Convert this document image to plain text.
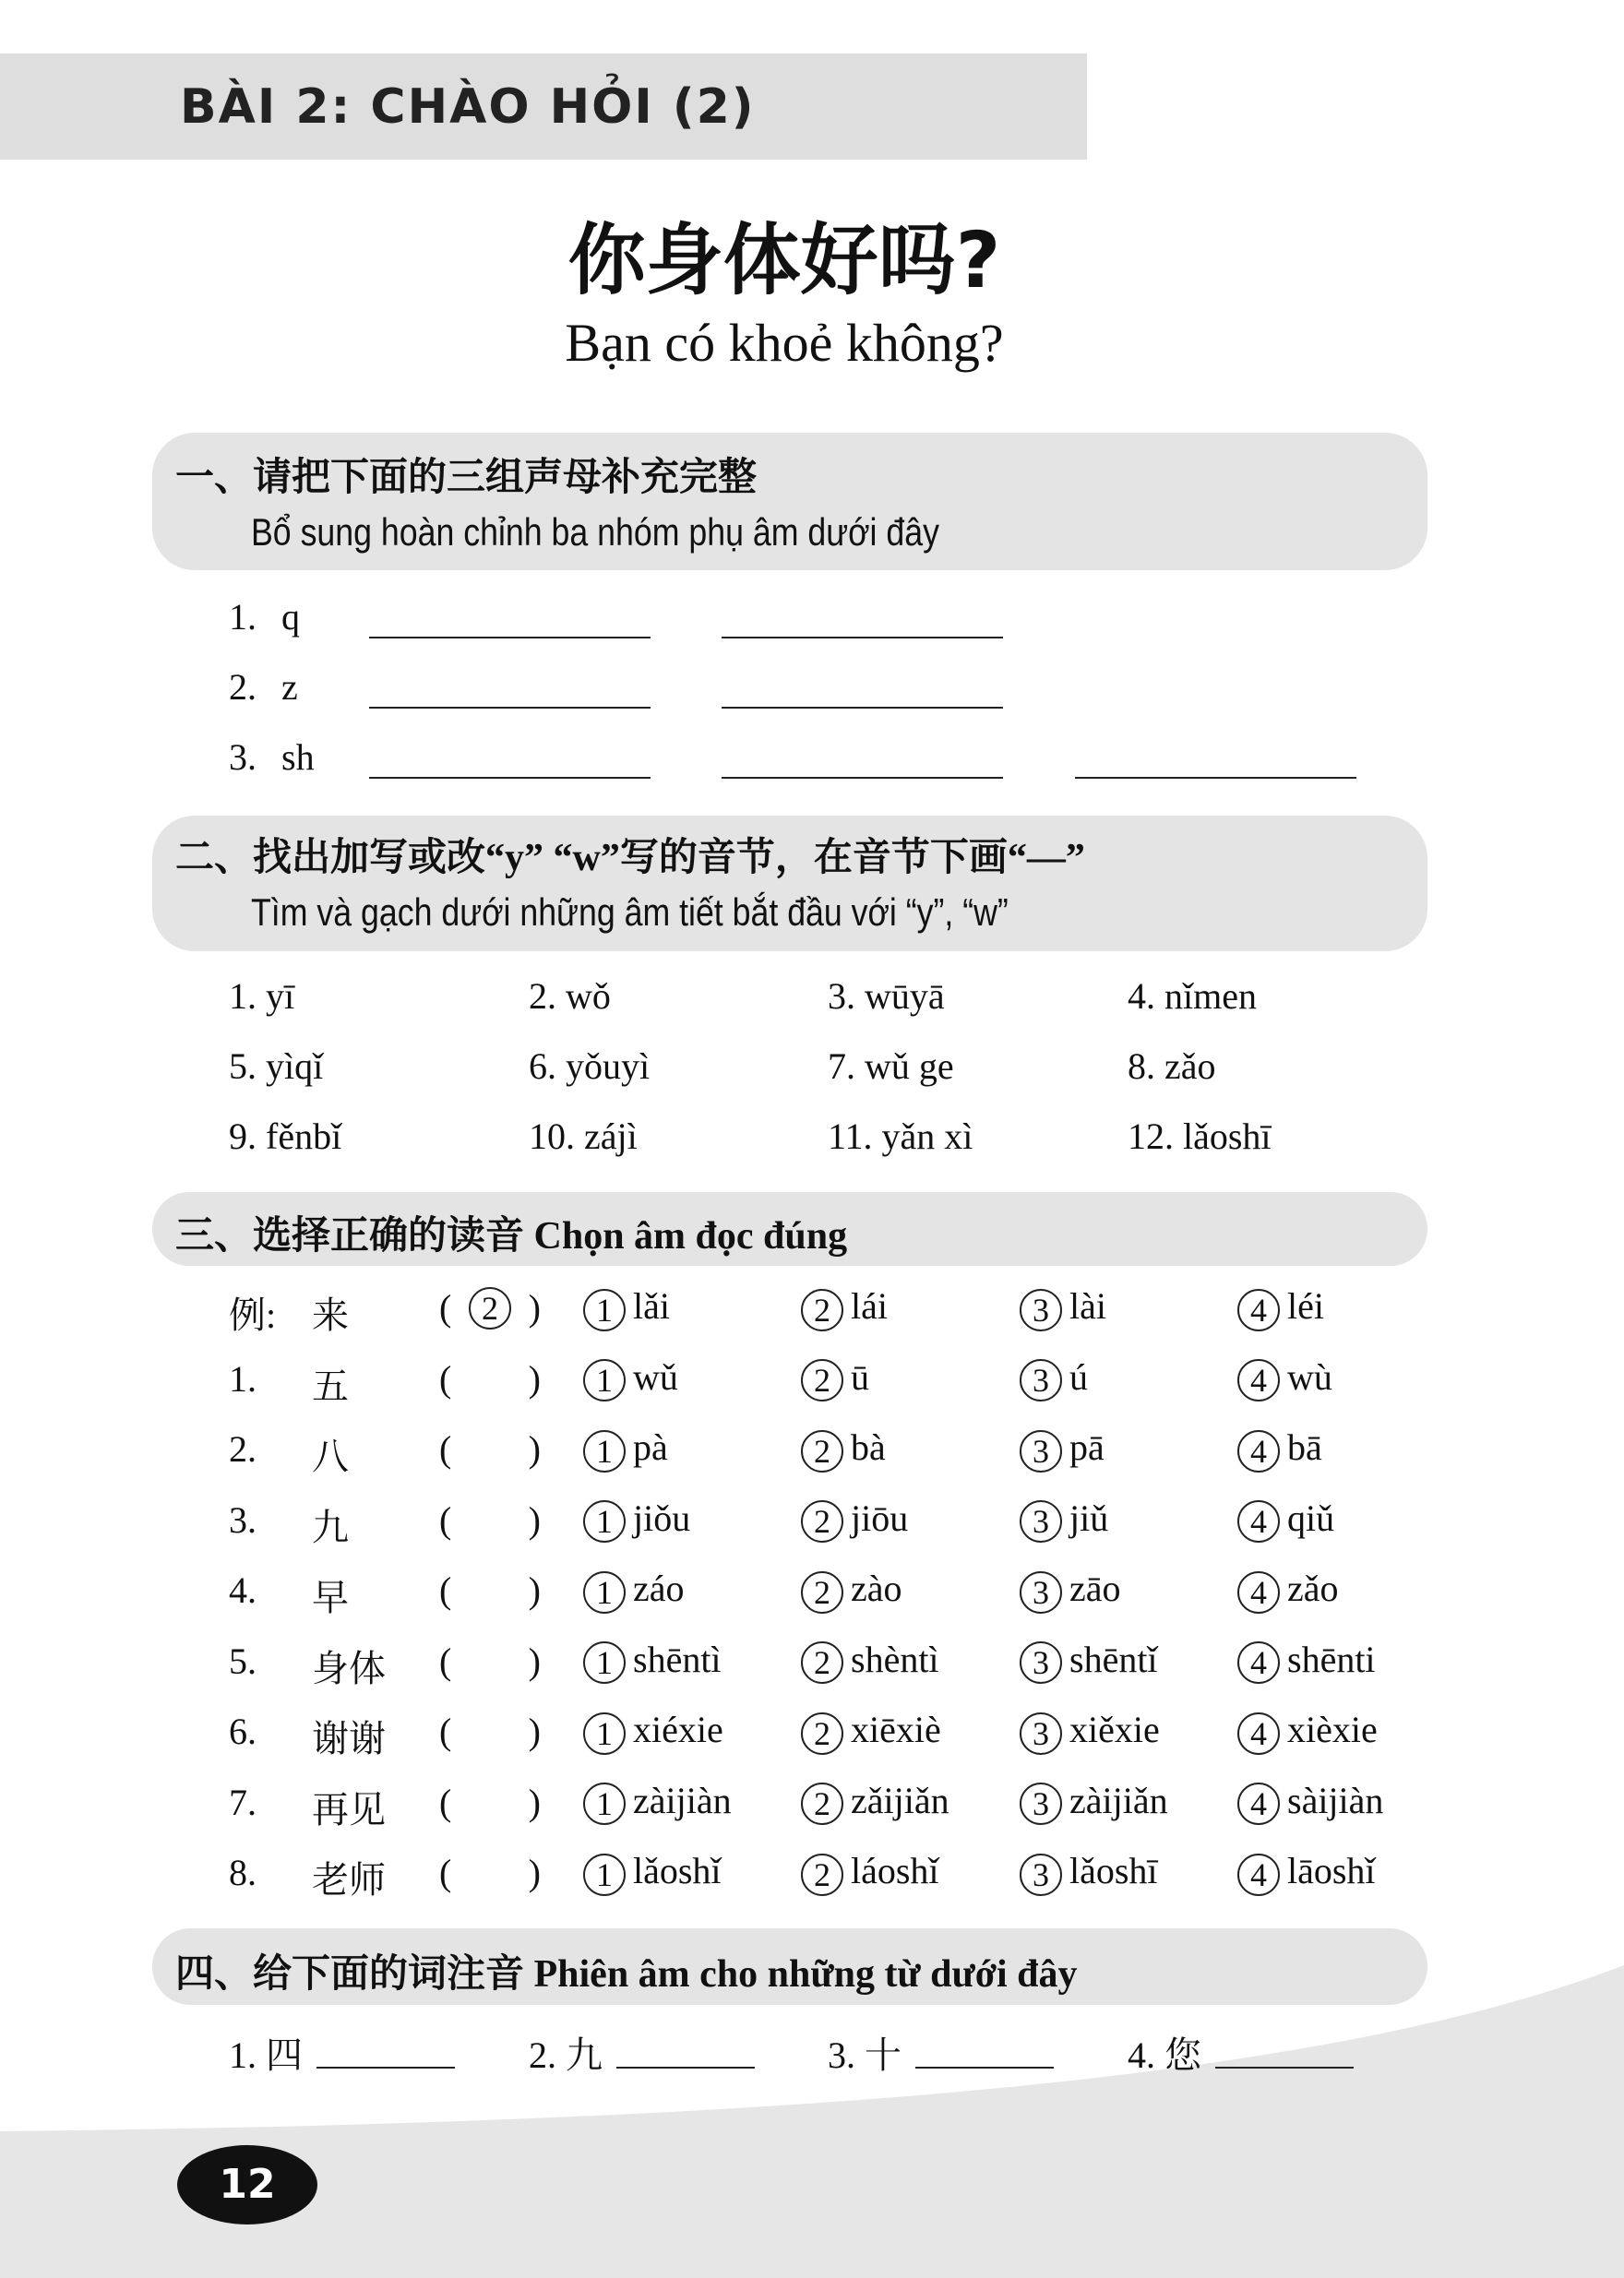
BÀI 2: CHÀO HỎI (2)
你身体好吗?
Bạn có khoẻ không?
一、请把下面的三组声母补充完整
Bổ sung hoàn chỉnh ba nhóm phụ âm dưới đây
二、找出加写或改“y” “w”写的音节，在音节下画“—”
Tìm và gạch dưới những âm tiết bắt đầu với “y”, “w”
三、选择正确的读音 Chọn âm đọc đúng
四、给下面的词注音 Phiên âm cho những từ dưới đây
12
1. q
2. z
3. sh
1. yī	2. wǒ	3. wūyā	4. nǐmen
5. yìqǐ	6. yǒuyì	7. wǔ ge	8. zǎo
9. fěnbǐ	10. zájì	11. yǎn xì	12. lǎoshī
例: 来 ( 2 )	1 lǎi	2 lái	3 lài	4 léi
1. 五 ( )	1 wǔ	2 ū	3 ú	4 wù
2. 八 ( )	1 pà	2 bà	3 pā	4 bā
3. 九 ( )	1 jiǒu	2 jiōu	3 jiǔ	4 qiǔ
4. 早 ( )	1 záo	2 zào	3 zāo	4 zǎo
5. 身体 ( )	1 shēntì	2 shèntì	3 shēntǐ	4 shēnti
6. 谢谢 ( )	1 xiéxie	2 xiēxiè	3 xiěxie	4 xièxie
7. 再见 ( )	1 zàijiàn	2 zǎijiǎn	3 zàijiǎn	4 sàijiàn
8. 老师 ( )	1 lǎoshǐ	2 láoshǐ	3 lǎoshī	4 lāoshǐ
1. 四	2. 九	3. 十	4. 您
